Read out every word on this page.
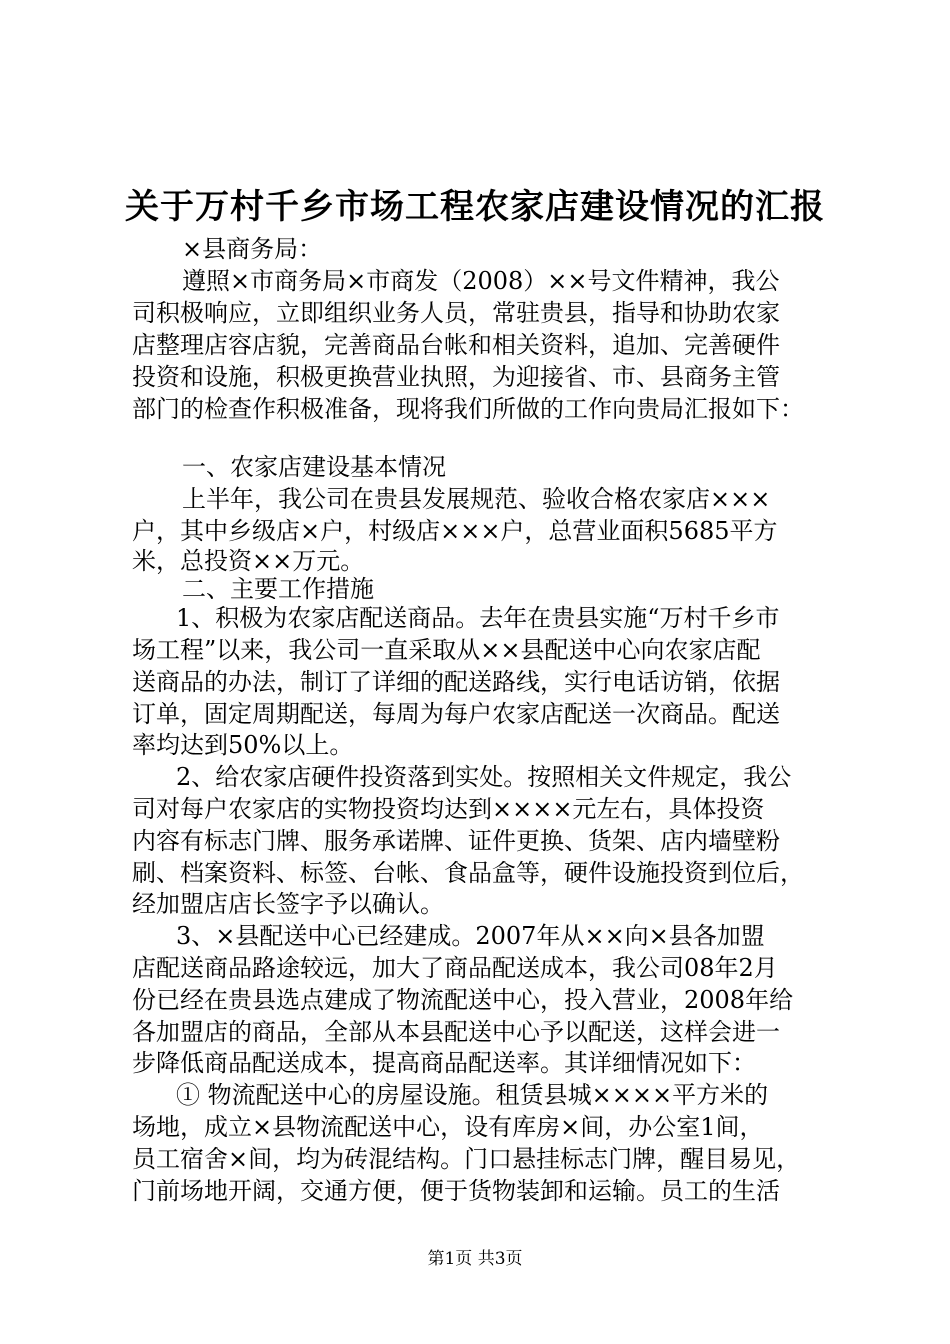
关于万村千乡市场工程农家店建设情况的汇报

×县商务局：

遵照×市商务局×市商发（2008）××号文件精神，我公

司积极响应，立即组织业务人员，常驻贵县，指导和协助农家

店整理店容店貌，完善商品台帐和相关资料，追加、完善硬件

投资和设施，积极更换营业执照，为迎接省、市、县商务主管

部门的检查作积极准备，现将我们所做的工作向贵局汇报如下：

一、农家店建设基本情况

上半年，我公司在贵县发展规范、验收合格农家店×××

户，其中乡级店×户，村级店×××户，总营业面积5685平方

米，总投资××万元。

二、主要工作措施

1、积极为农家店配送商品。去年在贵县实施“万村千乡市

场工程”以来，我公司一直采取从××县配送中心向农家店配

送商品的办法，制订了详细的配送路线，实行电话访销，依据

订单，固定周期配送，每周为每户农家店配送一次商品。配送

率均达到50%以上。

2、给农家店硬件投资落到实处。按照相关文件规定，我公

司对每户农家店的实物投资均达到××××元左右，具体投资

内容有标志门牌、服务承诺牌、证件更换、货架、店内墙壁粉

刷、档案资料、标签、台帐、食品盒等，硬件设施投资到位后，

经加盟店店长签字予以确认。

3、×县配送中心已经建成。2007年从××向×县各加盟

店配送商品路途较远，加大了商品配送成本，我公司08年2月

份已经在贵县选点建成了物流配送中心，投入营业，2008年给

各加盟店的商品，全部从本县配送中心予以配送，这样会进一

步降低商品配送成本，提高商品配送率。其详细情况如下：

① 物流配送中心的房屋设施。租赁县城××××平方米的

场地，成立×县物流配送中心，设有库房×间，办公室1间，

员工宿舍×间，均为砖混结构。门口悬挂标志门牌，醒目易见，

门前场地开阔，交通方便，便于货物装卸和运输。员工的生活

第1页 共3页
